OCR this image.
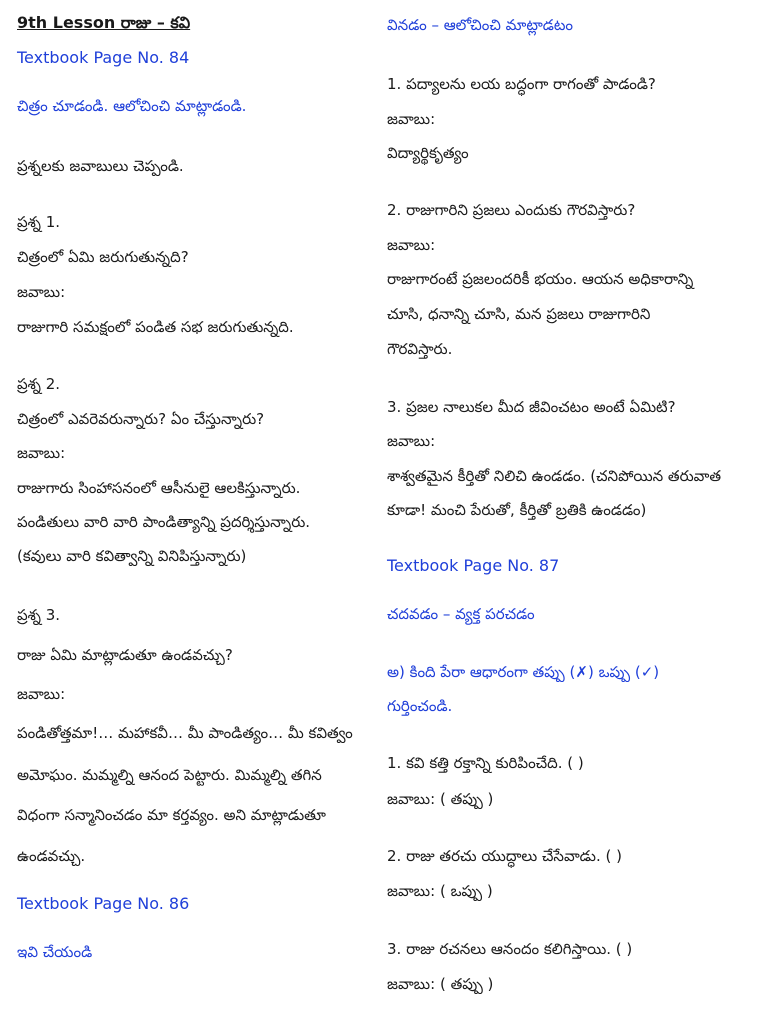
9th Lesson రాజు – కవి
Textbook Page No. 84
చిత్రం చూడండి. ఆలోచించి మాట్లాడండి.
ప్రశ్నలకు జవాబులు చెప్పండి.
ప్రశ్న 1.
చిత్రంలో ఏమి జరుగుతున్నది?
జవాబు:
రాజుగారి సమక్షంలో పండిత సభ జరుగుతున్నది.
ప్రశ్న 2.
చిత్రంలో ఎవరెవరున్నారు? ఏం చేస్తున్నారు?
జవాబు:
రాజుగారు సింహాసనంలో ఆసీనులై ఆలకిస్తున్నారు.
పండితులు వారి వారి పాండిత్యాన్ని ప్రదర్శిస్తున్నారు.
(కవులు వారి కవిత్వాన్ని వినిపిస్తున్నారు)
ప్రశ్న 3.
రాజు ఏమి మాట్లాడుతూ ఉండవచ్చు?
జవాబు:
పండితోత్తమా!… మహాకవీ… మీ పాండిత్యం… మీ కవిత్వం
అమోఘం. మమ్మల్ని ఆనంద పెట్టారు. మిమ్మల్ని తగిన
విధంగా సన్మానించడం మా కర్తవ్యం. అని మాట్లాడుతూ
ఉండవచ్చు.
Textbook Page No. 86
ఇవి చేయండి
వినడం – ఆలోచించి మాట్లాడటం
1. పద్యాలను లయ బద్ధంగా రాగంతో పాడండి?
జవాబు:
విద్యార్థికృత్యం
2. రాజుగారిని ప్రజలు ఎందుకు గౌరవిస్తారు?
జవాబు:
రాజుగారంటే ప్రజలందరికీ భయం. ఆయన అధికారాన్ని
చూసి, ధనాన్ని చూసి, మన ప్రజలు రాజుగారిని
గౌరవిస్తారు.
3. ప్రజల నాలుకల మీద జీవించటం అంటే ఏమిటి?
జవాబు:
శాశ్వతమైన కీర్తితో నిలిచి ఉండడం. (చనిపోయిన తరువాత
కూడా! మంచి పేరుతో, కీర్తితో బ్రతికి ఉండడం)
Textbook Page No. 87
చదవడం – వ్యక్త పరచడం
అ) కింది పేరా ఆధారంగా తప్పు (✗) ఒప్పు (✓)
గుర్తించండి.
1. కవి కత్తి రక్తాన్ని కురిపించేది. ( )
జవాబు: ( తప్పు )
2. రాజు తరచు యుద్ధాలు చేసేవాడు. ( )
జవాబు: ( ఒప్పు )
3. రాజు రచనలు ఆనందం కలిగిస్తాయి. ( )
జవాబు: ( తప్పు )
